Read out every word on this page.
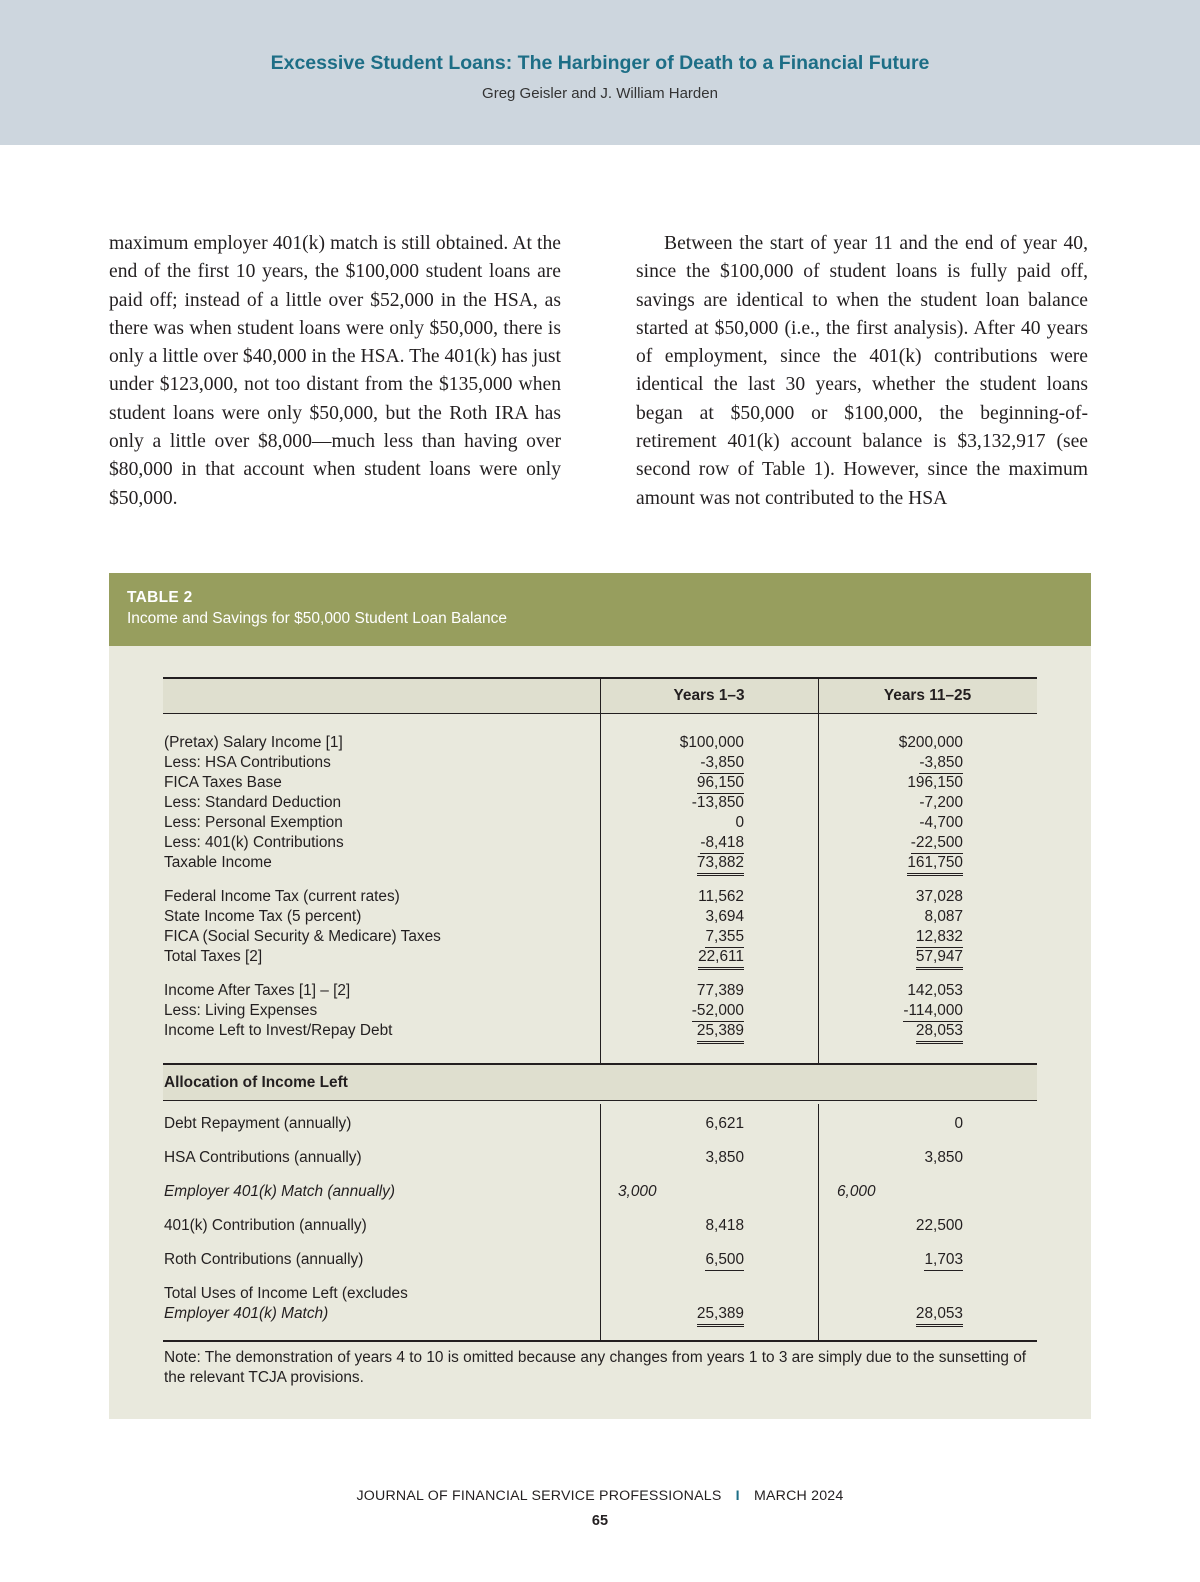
Excessive Student Loans: The Harbinger of Death to a Financial Future
Greg Geisler and J. William Harden
maximum employer 401(k) match is still obtained. At the end of the first 10 years, the $100,000 student loans are paid off; instead of a little over $52,000 in the HSA, as there was when student loans were only $50,000, there is only a little over $40,000 in the HSA. The 401(k) has just under $123,000, not too distant from the $135,000 when student loans were only $50,000, but the Roth IRA has only a little over $8,000—much less than having over $80,000 in that account when student loans were only $50,000.
Between the start of year 11 and the end of year 40, since the $100,000 of student loans is fully paid off, savings are identical to when the student loan balance started at $50,000 (i.e., the first analysis). After 40 years of employment, since the 401(k) contributions were identical the last 30 years, whether the student loans began at $50,000 or $100,000, the beginning-of-retirement 401(k) account balance is $3,132,917 (see second row of Table 1). However, since the maximum amount was not contributed to the HSA
TABLE 2
Income and Savings for $50,000 Student Loan Balance
Years 1–3	Years 11–25
(Pretax) Salary Income [1]	$100,000	$200,000
Less: HSA Contributions	-3,850	-3,850
FICA Taxes Base	96,150	196,150
Less: Standard Deduction	-13,850	-7,200
Less: Personal Exemption	0	-4,700
Less: 401(k) Contributions	-8,418	-22,500
Taxable Income	73,882	161,750
Federal Income Tax (current rates)	11,562	37,028
State Income Tax (5 percent)	3,694	8,087
FICA (Social Security & Medicare) Taxes	7,355	12,832
Total Taxes [2]	22,611	57,947
Income After Taxes [1] – [2]	77,389	142,053
Less: Living Expenses	-52,000	-114,000
Income Left to Invest/Repay Debt	25,389	28,053
Allocation of Income Left
Debt Repayment (annually)	6,621	0
HSA Contributions (annually)	3,850	3,850
Employer 401(k) Match (annually)	3,000	6,000
401(k) Contribution (annually)	8,418	22,500
Roth Contributions (annually)	6,500	1,703
Total Uses of Income Left (excludes
Employer 401(k) Match)	25,389	28,053
Note: The demonstration of years 4 to 10 is omitted because any changes from years 1 to 3 are simply due to the sunsetting of the relevant TCJA provisions.
JOURNAL OF FINANCIAL SERVICE PROFESSIONALS I MARCH 2024
65
